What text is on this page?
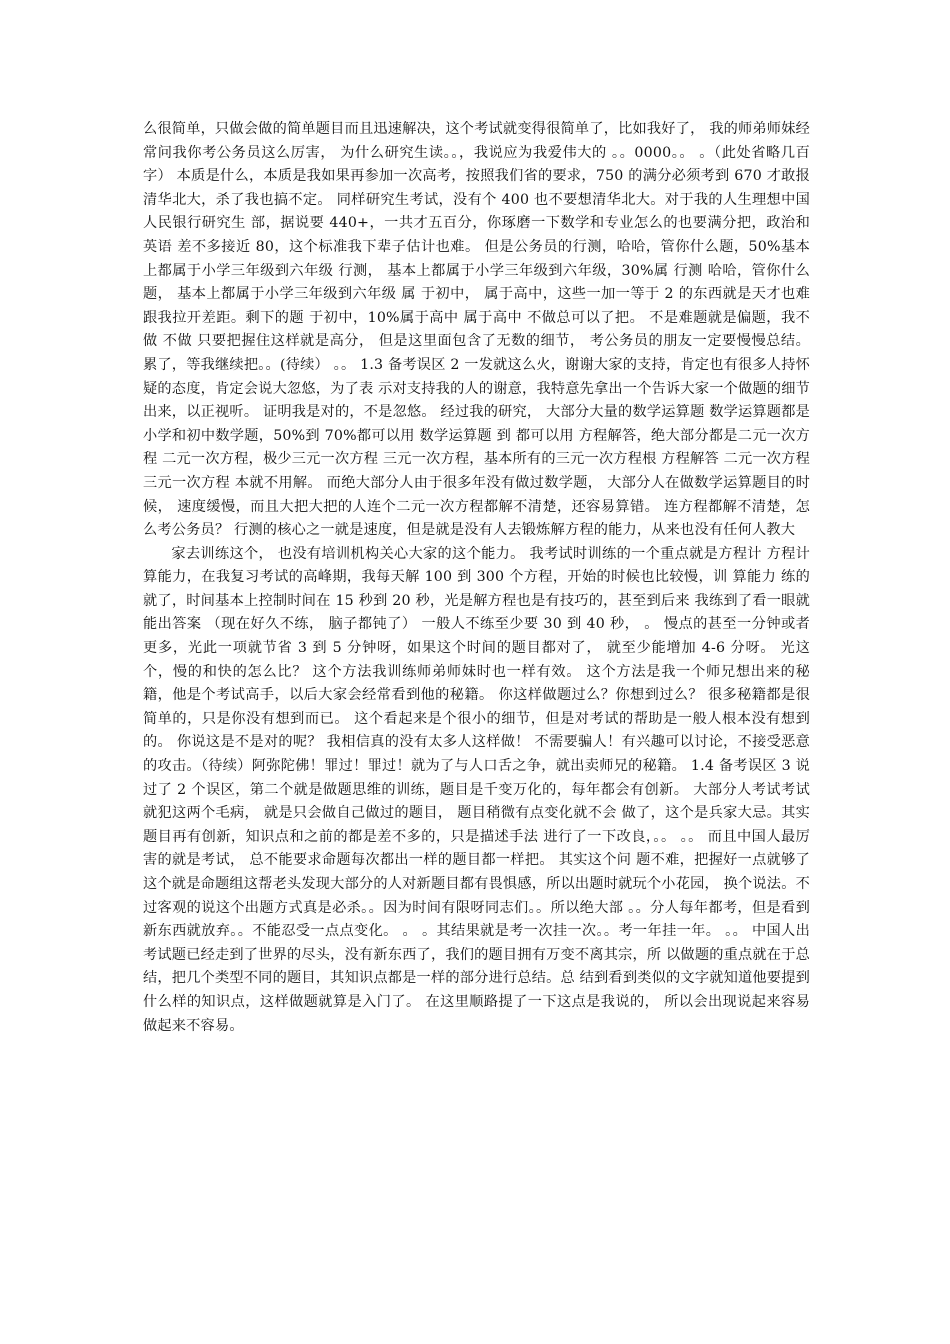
么很简单，只做会做的简单题目而且迅速解决，这个考试就变得很简单了，比如我好了， 我的师弟师妹经常问我你考公务员这么厉害， 为什么研究生读。。，我说应为我爱伟大的 。。0000。。 。（此处省略几百字） 本质是什么，本质是我如果再参加一次高考，按照我们省的要求，750 的满分必须考到 670 才敢报清华北大，杀了我也搞不定。 同样研究生考试，没有个 400 也不要想清华北大。对于我的人生理想中国人民银行研究生 部，据说要 440+，一共才五百分，你琢磨一下数学和专业怎么的也要满分把，政治和英语 差不多接近 80，这个标准我下辈子估计也难。 但是公务员的行测，哈哈，管你什么题，50%基本上都属于小学三年级到六年级 行测， 基本上都属于小学三年级到六年级，30%属 行测 哈哈，管你什么题， 基本上都属于小学三年级到六年级 属 于初中， 属于高中，这些一加一等于 2 的东西就是天才也难跟我拉开差距。剩下的题 于初中，10%属于高中 属于高中 不做总可以了把。 不是难题就是偏题，我不做 不做 只要把握住这样就是高分， 但是这里面包含了无数的细节， 考公务员的朋友一定要慢慢总结。 累了，等我继续把。。(待续） 。。 1.3 备考误区 2 一发就这么火，谢谢大家的支持，肯定也有很多人持怀疑的态度，肯定会说大忽悠，为了表 示对支持我的人的谢意，我特意先拿出一个告诉大家一个做题的细节出来，以正视听。 证明我是对的，不是忽悠。 经过我的研究， 大部分大量的数学运算题 数学运算题都是小学和初中数学题，50%到 70%都可以用 数学运算题 到 都可以用 方程解答，绝大部分都是二元一次方程 二元一次方程，极少三元一次方程 三元一次方程，基本所有的三元一次方程根 方程解答 二元一次方程 三元一次方程 本就不用解。 而绝大部分人由于很多年没有做过数学题， 大部分人在做数学运算题目的时候， 速度缓慢，而且大把大把的人连个二元一次方程都解不清楚，还容易算错。 连方程都解不清楚，怎么考公务员？ 行测的核心之一就是速度，但是就是没有人去锻炼解方程的能力，从来也没有任何人教大

家去训练这个， 也没有培训机构关心大家的这个能力。 我考试时训练的一个重点就是方程计 方程计 算能力，在我复习考试的高峰期，我每天解 100 到 300 个方程，开始的时候也比较慢，训 算能力 练的就了，时间基本上控制时间在 15 秒到 20 秒，光是解方程也是有技巧的，甚至到后来 我练到了看一眼就能出答案 （现在好久不练， 脑子都钝了） 一般人不练至少要 30 到 40 秒， 。 慢点的甚至一分钟或者更多，光此一项就节省 3 到 5 分钟呀，如果这个时间的题目都对了， 就至少能增加 4-6 分呀。 光这个，慢的和快的怎么比？ 这个方法我训练师弟师妹时也一样有效。 这个方法是我一个师兄想出来的秘籍，他是个考试高手，以后大家会经常看到他的秘籍。 你这样做题过么？你想到过么？ 很多秘籍都是很简单的，只是你没有想到而已。 这个看起来是个很小的细节，但是对考试的帮助是一般人根本没有想到的。 你说这是不是对的呢？ 我相信真的没有太多人这样做！ 不需要骗人！有兴趣可以讨论，不接受恶意的攻击。（待续）阿弥陀佛！罪过！罪过！就为了与人口舌之争，就出卖师兄的秘籍。 1.4 备考误区 3 说过了 2 个误区，第二个就是做题思维的训练，题目是千变万化的，每年都会有创新。 大部分人考试考试就犯这两个毛病， 就是只会做自己做过的题目， 题目稍微有点变化就不会 做了，这个是兵家大忌。其实题目再有创新，知识点和之前的都是差不多的，只是描述手法 进行了一下改良，。。 。。 而且中国人最厉害的就是考试， 总不能要求命题每次都出一样的题目都一样把。 其实这个问 题不难，把握好一点就够了 这个就是命题组这帮老头发现大部分的人对新题目都有畏惧感，所以出题时就玩个小花园， 换个说法。不过客观的说这个出题方式真是必杀。。因为时间有限呀同志们。。所以绝大部 。。分人每年都考，但是看到新东西就放弃。。不能忍受一点点变化。 。 。其结果就是考一次挂一次。。考一年挂一年。 。。 中国人出考试题已经走到了世界的尽头，没有新东西了，我们的题目拥有万变不离其宗，所 以做题的重点就在于总结，把几个类型不同的题目，其知识点都是一样的部分进行总结。总 结到看到类似的文字就知道他要提到什么样的知识点，这样做题就算是入门了。 在这里顺路提了一下这点是我说的， 所以会出现说起来容易做起来不容易。
